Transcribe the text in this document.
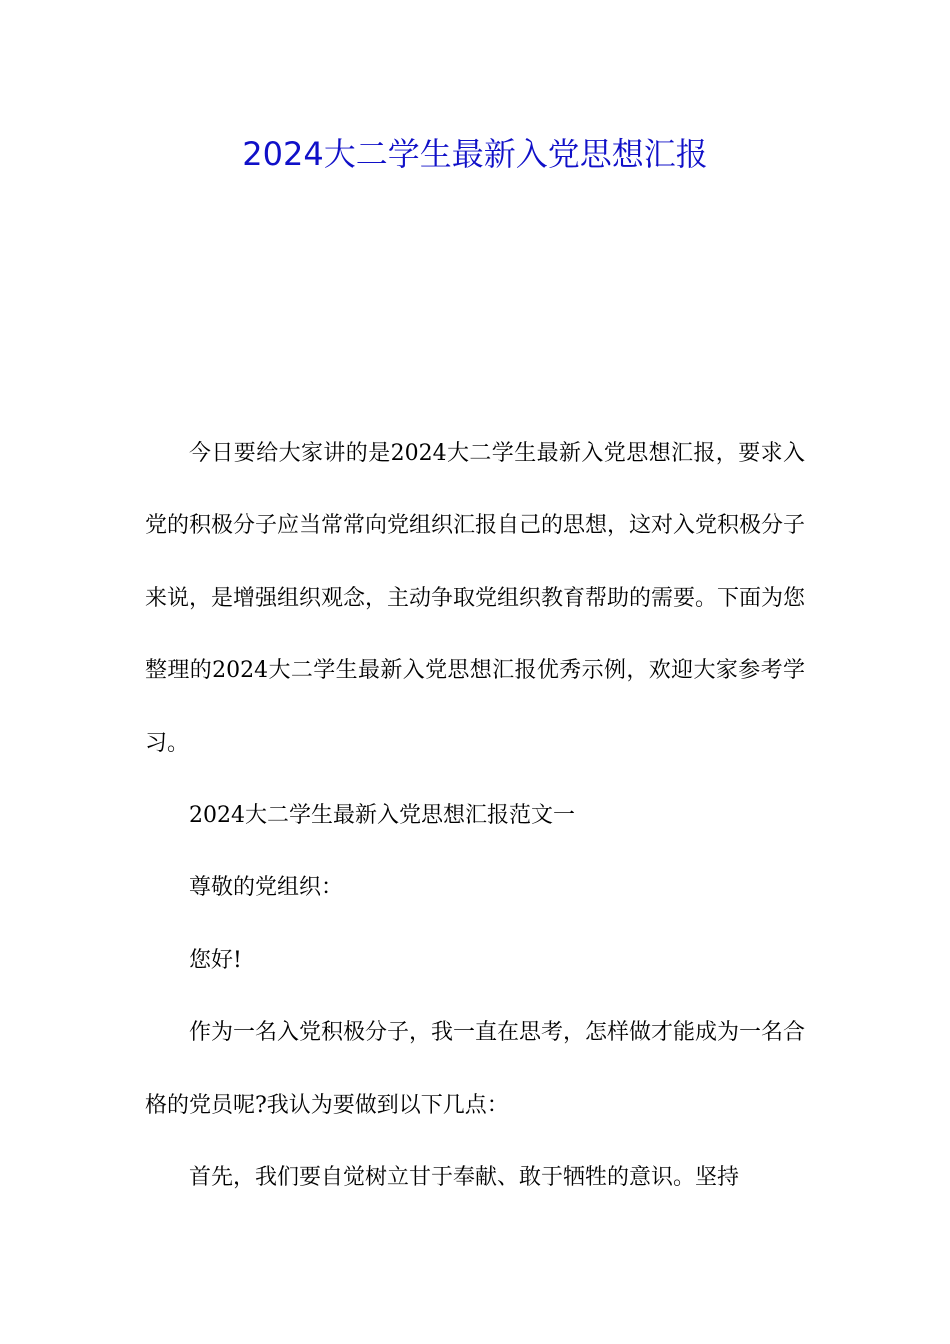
2024大二学生最新入党思想汇报

今日要给大家讲的是2024大二学生最新入党思想汇报，要求入党的积极分子应当常常向党组织汇报自己的思想，这对入党积极分子来说，是增强组织观念，主动争取党组织教育帮助的需要。下面为您整理的2024大二学生最新入党思想汇报优秀示例，欢迎大家参考学习。

2024大二学生最新入党思想汇报范文一

尊敬的党组织：

您好!

作为一名入党积极分子，我一直在思考，怎样做才能成为一名合格的党员呢?我认为要做到以下几点：

首先，我们要自觉树立甘于奉献、敢于牺牲的意识。坚持
